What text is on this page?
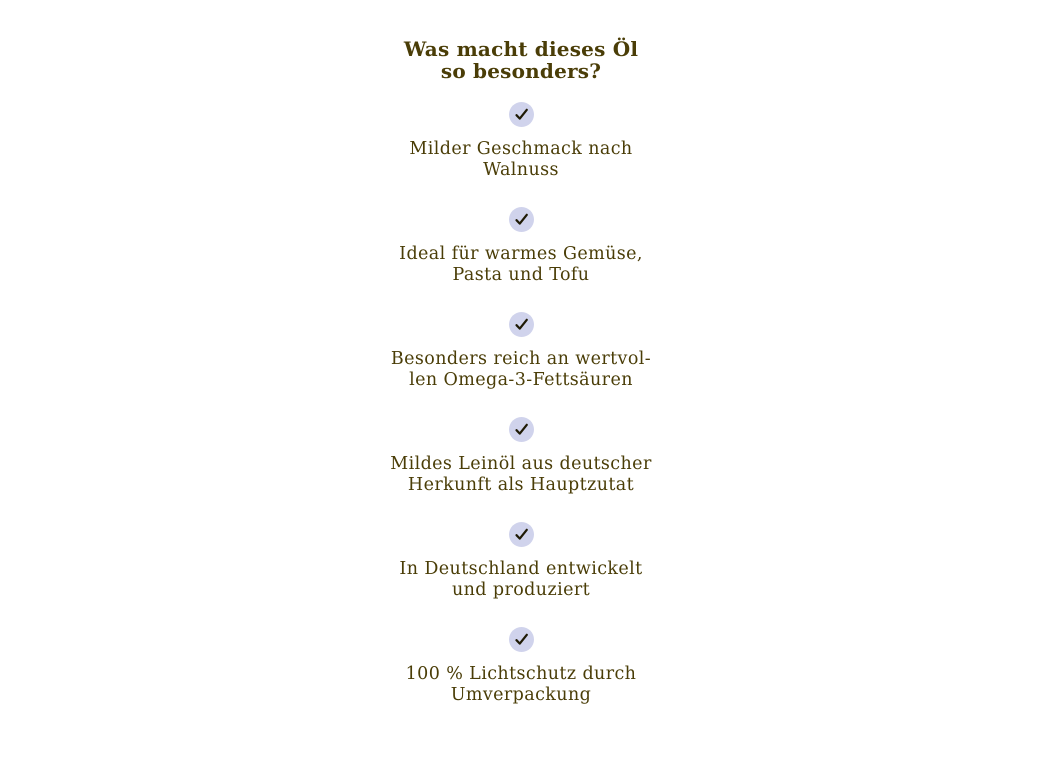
Was macht dieses Öl
so besonders?
Milder Geschmack nach
Walnuss
Ideal für warmes Gemüse,
Pasta und Tofu
Besonders reich an wertvol-
len Omega-3-Fettsäuren
Mildes Leinöl aus deutscher
Herkunft als Hauptzutat
In Deutschland entwickelt
und produziert
100 % Lichtschutz durch
Umverpackung
